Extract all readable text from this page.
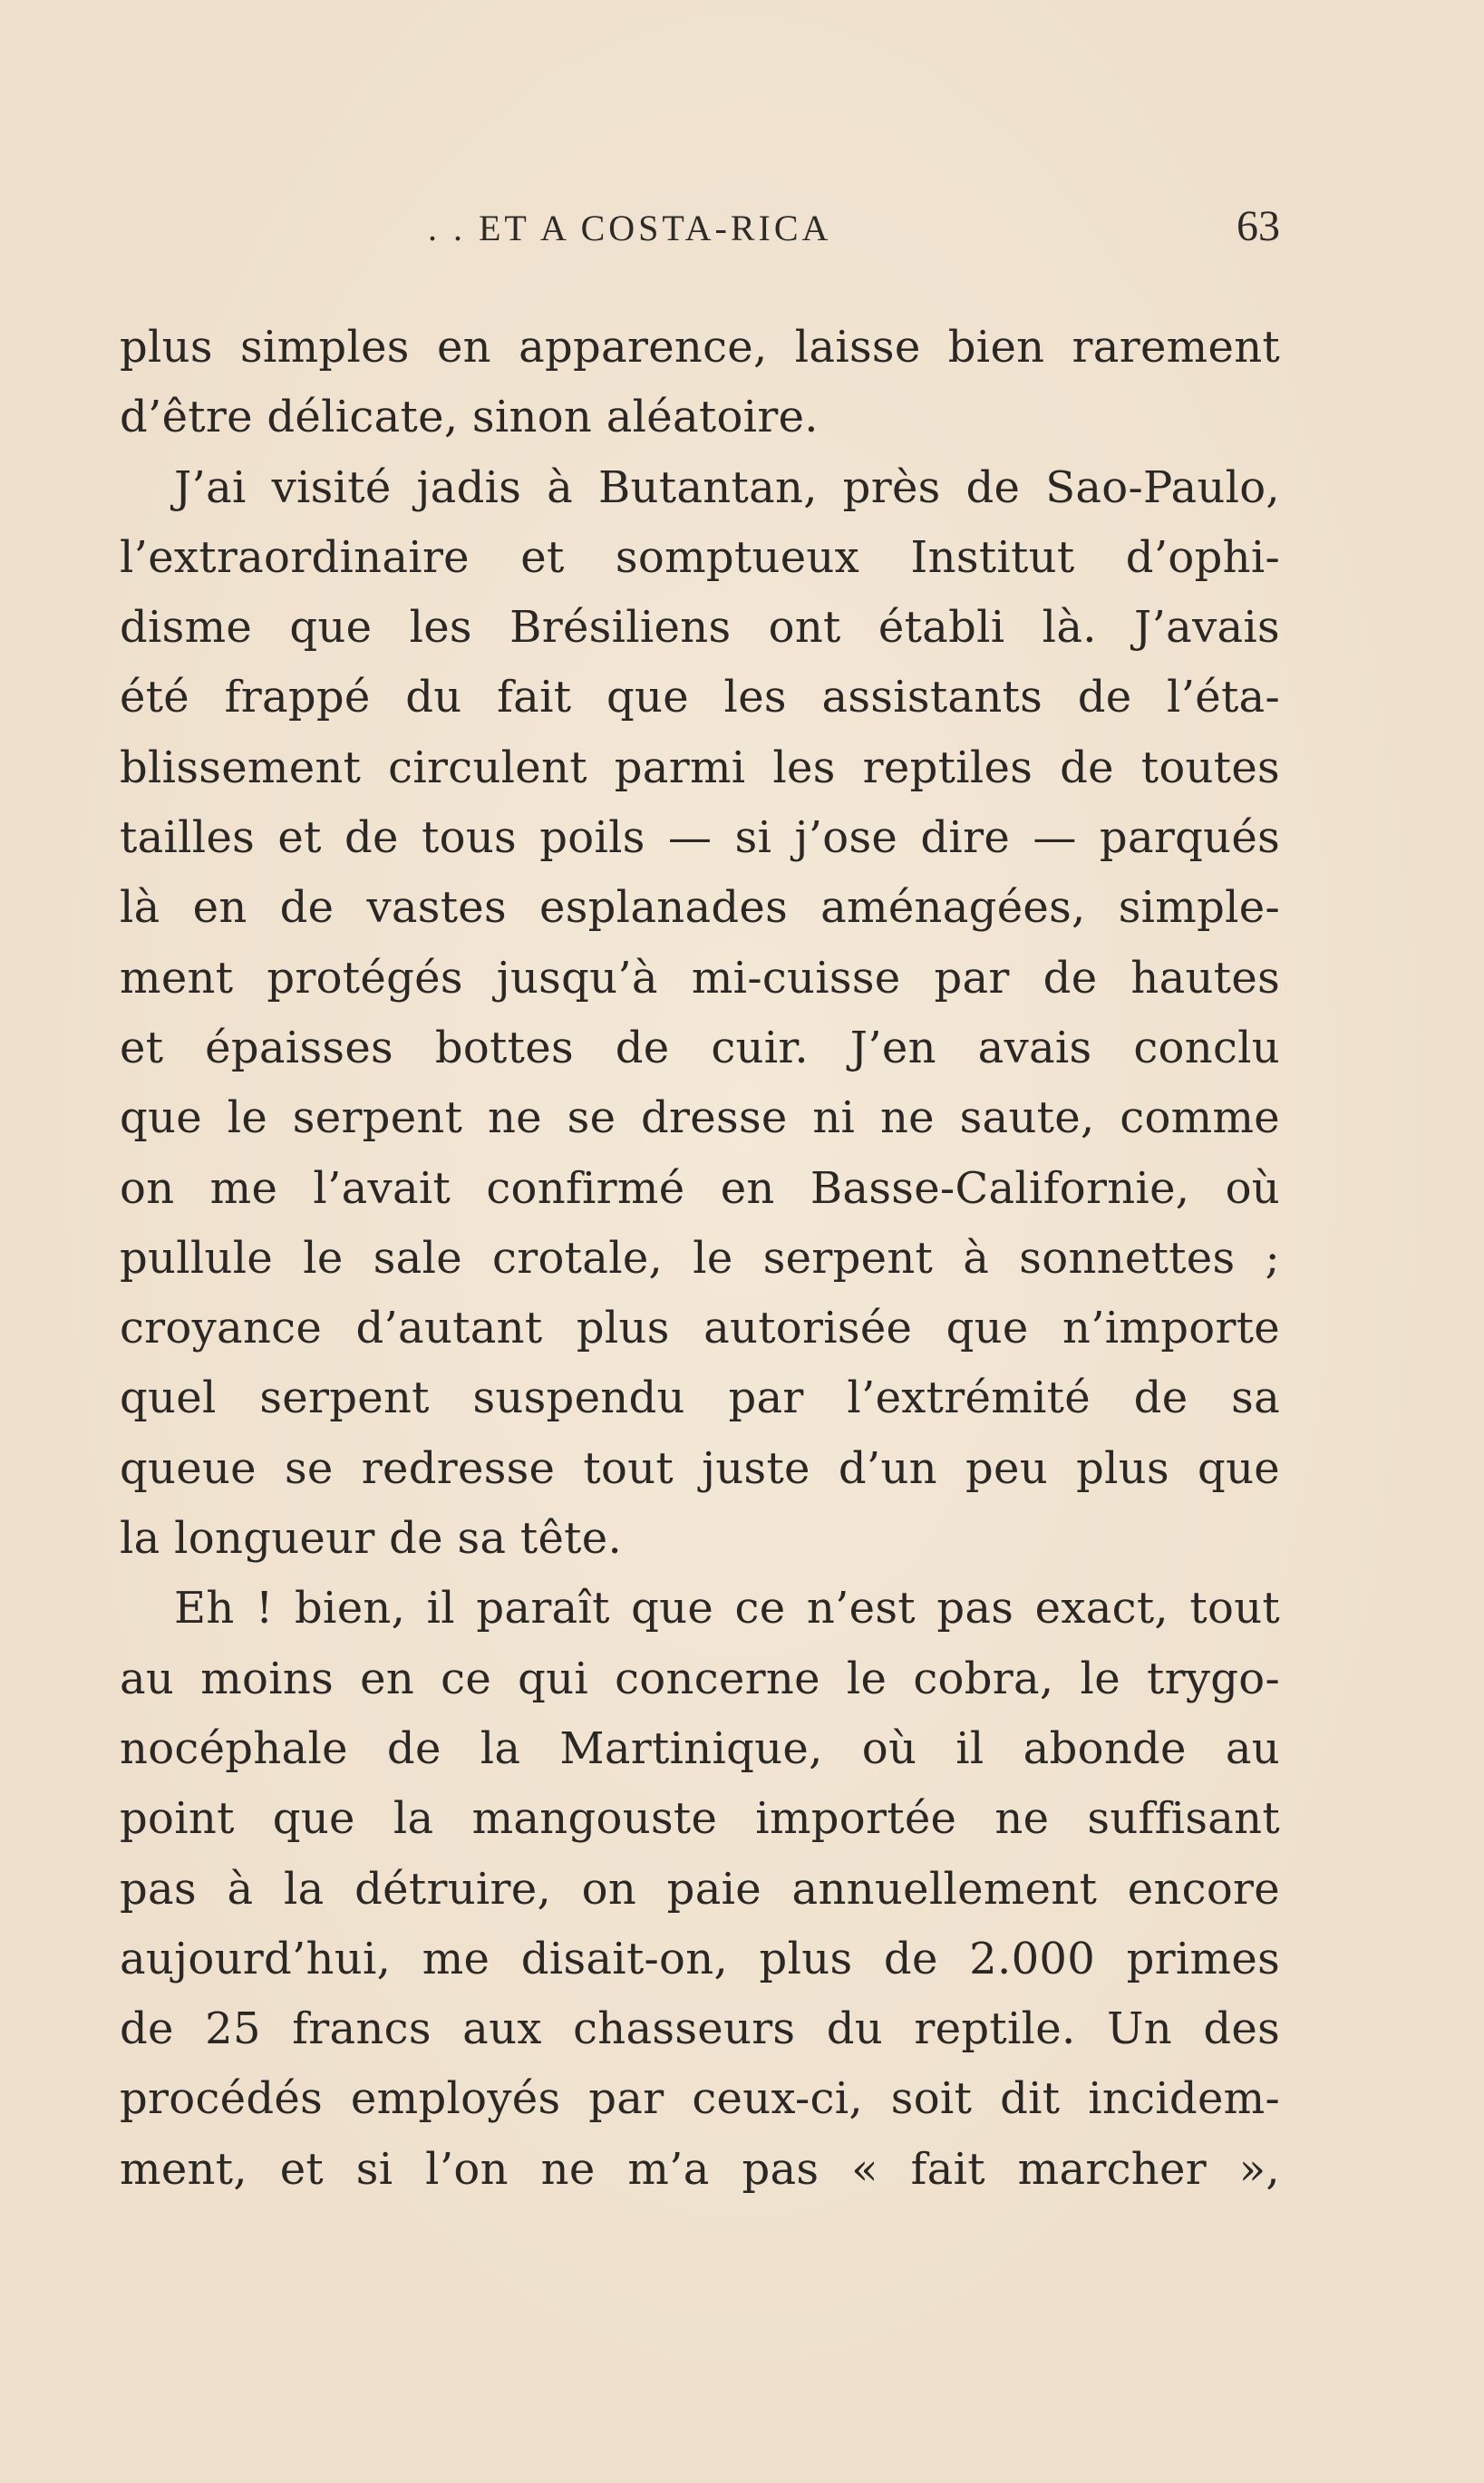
. . ET A COSTA-RICA	63
plus simples en apparence, laisse bien rarement
d’être délicate, sinon aléatoire.
J’ai visité jadis à Butantan, près de Sao-Paulo,
l’extraordinaire et somptueux Institut d’ophi-
disme que les Brésiliens ont établi là. J’avais
été frappé du fait que les assistants de l’éta-
blissement circulent parmi les reptiles de toutes
tailles et de tous poils — si j’ose dire — parqués
là en de vastes esplanades aménagées, simple-
ment protégés jusqu’à mi-cuisse par de hautes
et épaisses bottes de cuir. J’en avais conclu
que le serpent ne se dresse ni ne saute, comme
on me l’avait confirmé en Basse-Californie, où
pullule le sale crotale, le serpent à sonnettes ;
croyance d’autant plus autorisée que n’importe
quel serpent suspendu par l’extrémité de sa
queue se redresse tout juste d’un peu plus que
la longueur de sa tête.
Eh ! bien, il paraît que ce n’est pas exact, tout
au moins en ce qui concerne le cobra, le trygo-
nocéphale de la Martinique, où il abonde au
point que la mangouste importée ne suffisant
pas à la détruire, on paie annuellement encore
aujourd’hui, me disait-on, plus de 2.000 primes
de 25 francs aux chasseurs du reptile. Un des
procédés employés par ceux-ci, soit dit incidem-
ment, et si l’on ne m’a pas « fait marcher »,
